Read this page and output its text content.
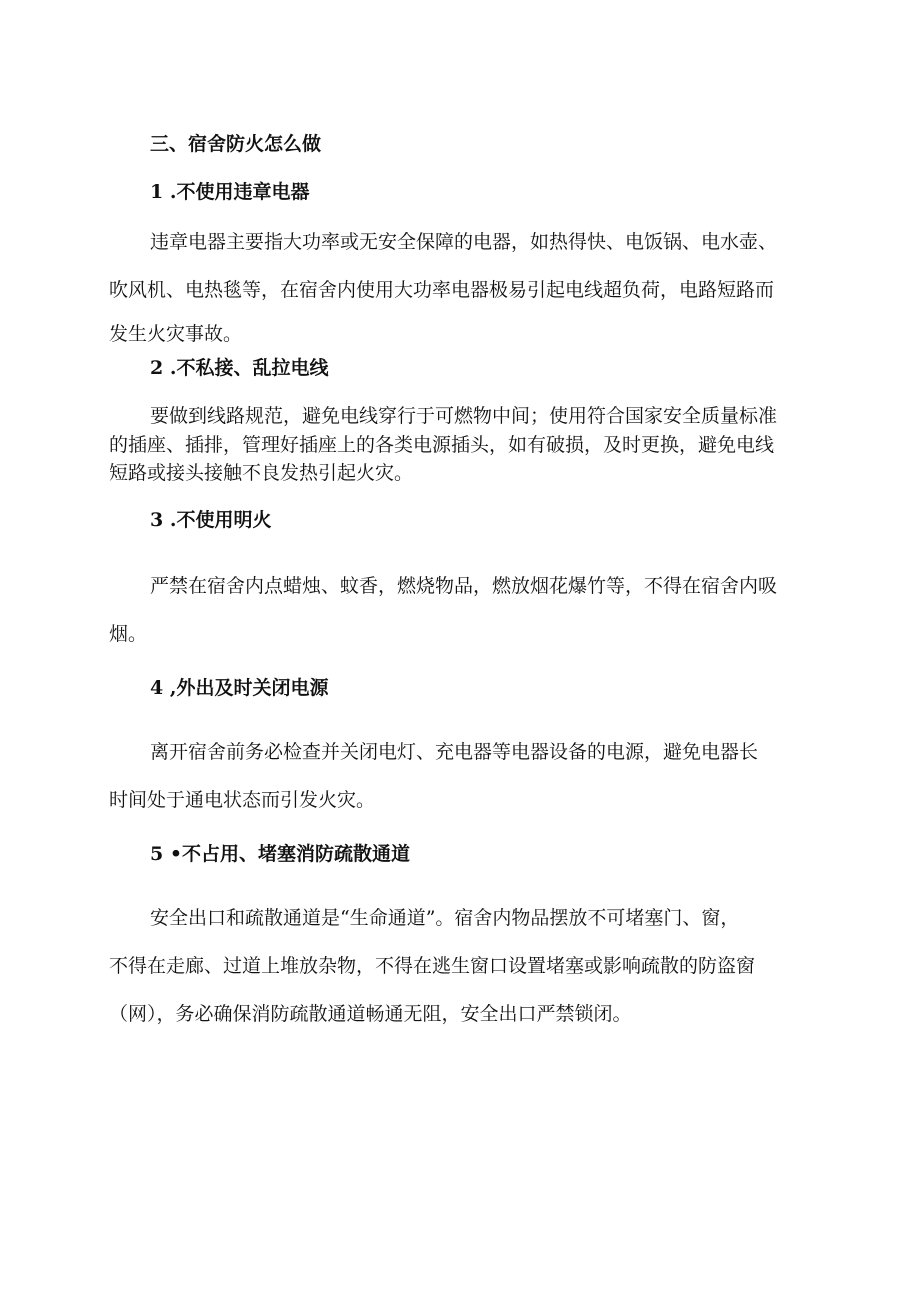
三、宿舍防火怎么做
1 .不使用违章电器
违章电器主要指大功率或无安全保障的电器，如热得快、电饭锅、电水壶、
吹风机、电热毯等，在宿舍内使用大功率电器极易引起电线超负荷，电路短路而
发生火灾事故。
2 .不私接、乱拉电线
要做到线路规范，避免电线穿行于可燃物中间；使用符合国家安全质量标准
的插座、插排，管理好插座上的各类电源插头，如有破损，及时更换，避免电线
短路或接头接触不良发热引起火灾。
3 .不使用明火
严禁在宿舍内点蜡烛、蚊香，燃烧物品，燃放烟花爆竹等，不得在宿舍内吸
烟。
4 ,外出及时关闭电源
离开宿舍前务必检查并关闭电灯、充电器等电器设备的电源，避免电器长
时间处于通电状态而引发火灾。
5 •不占用、堵塞消防疏散通道
安全出口和疏散通道是“生命通道”。宿舍内物品摆放不可堵塞门、窗，
不得在走廊、过道上堆放杂物，不得在逃生窗口设置堵塞或影响疏散的防盗窗
（网），务必确保消防疏散通道畅通无阻，安全出口严禁锁闭。
